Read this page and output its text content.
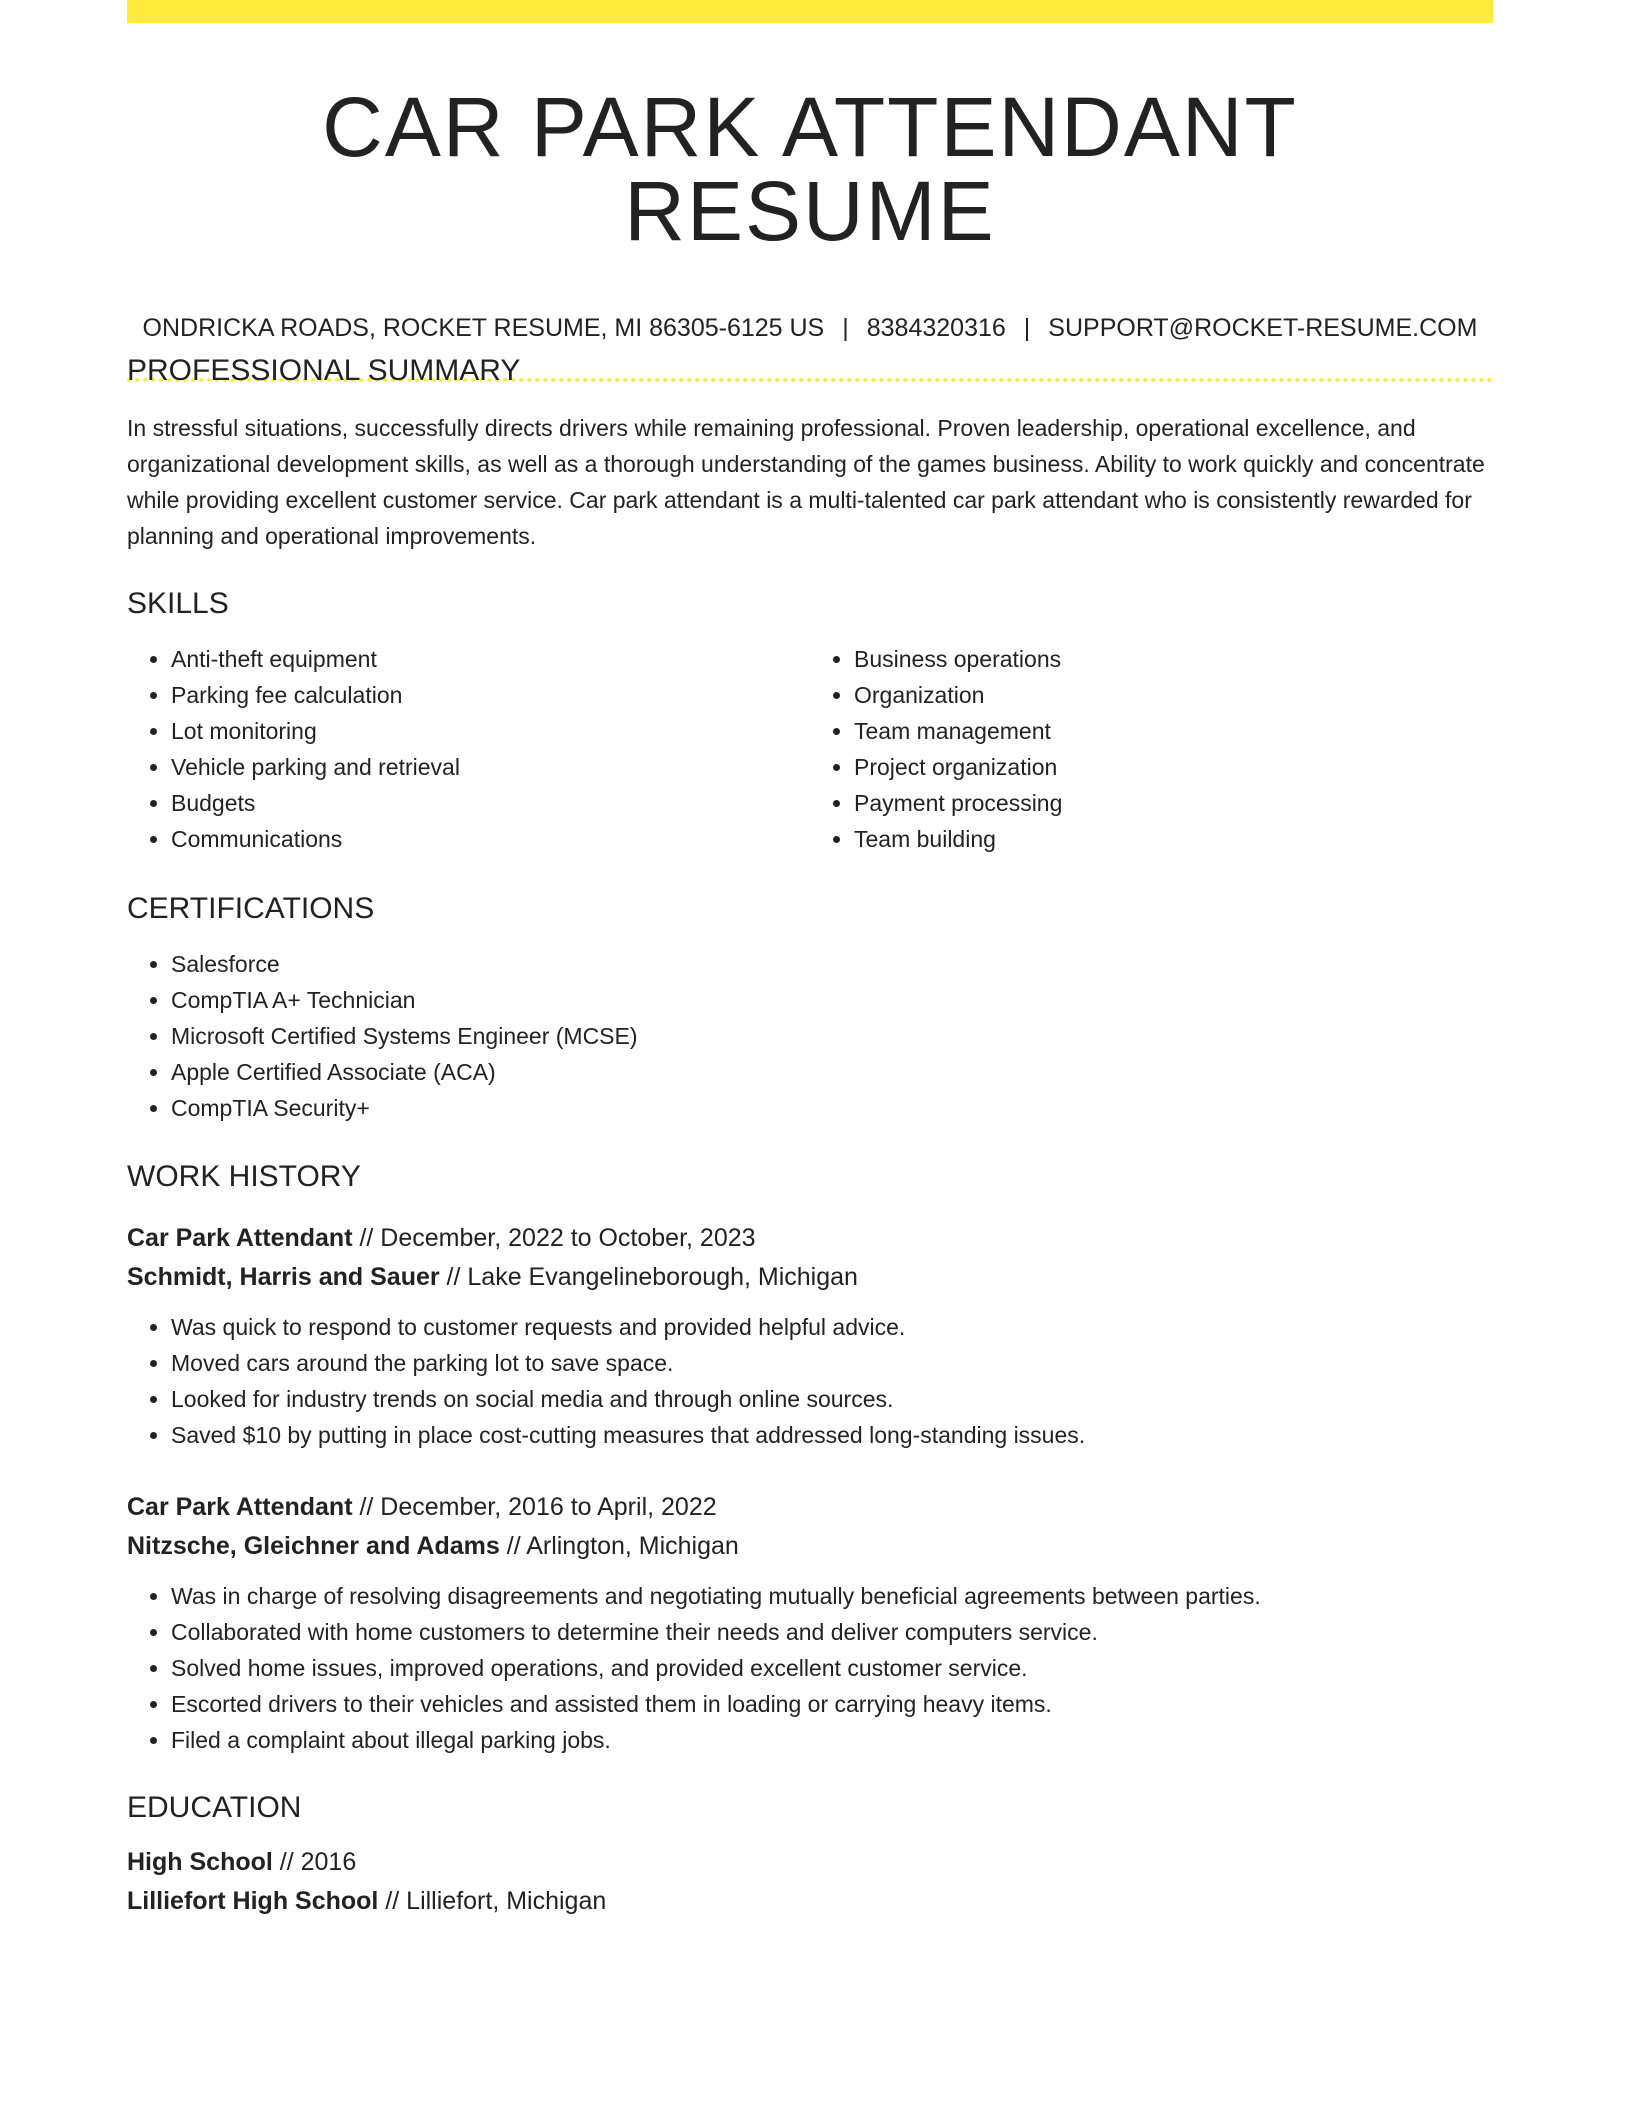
CAR PARK ATTENDANT RESUME
ONDRICKA ROADS, ROCKET RESUME, MI 86305-6125 US | 8384320316 | SUPPORT@ROCKET-RESUME.COM
PROFESSIONAL SUMMARY

In stressful situations, successfully directs drivers while remaining professional. Proven leadership, operational excellence, and organizational development skills, as well as a thorough understanding of the games business. Ability to work quickly and concentrate while providing excellent customer service. Car park attendant is a multi-talented car park attendant who is consistently rewarded for planning and operational improvements.

SKILLS
• Anti-theft equipment
• Parking fee calculation
• Lot monitoring
• Vehicle parking and retrieval
• Budgets
• Communications
• Business operations
• Organization
• Team management
• Project organization
• Payment processing
• Team building
CERTIFICATIONS
• Salesforce
• CompTIA A+ Technician
• Microsoft Certified Systems Engineer (MCSE)
• Apple Certified Associate (ACA)
• CompTIA Security+
WORK HISTORY
Car Park Attendant // December, 2022 to October, 2023
Schmidt, Harris and Sauer // Lake Evangelineborough, Michigan
• Was quick to respond to customer requests and provided helpful advice.
• Moved cars around the parking lot to save space.
• Looked for industry trends on social media and through online sources.
• Saved $10 by putting in place cost-cutting measures that addressed long-standing issues.
Car Park Attendant // December, 2016 to April, 2022
Nitzsche, Gleichner and Adams // Arlington, Michigan
• Was in charge of resolving disagreements and negotiating mutually beneficial agreements between parties.
• Collaborated with home customers to determine their needs and deliver computers service.
• Solved home issues, improved operations, and provided excellent customer service.
• Escorted drivers to their vehicles and assisted them in loading or carrying heavy items.
• Filed a complaint about illegal parking jobs.
EDUCATION
High School // 2016
Lilliefort High School // Lilliefort, Michigan
